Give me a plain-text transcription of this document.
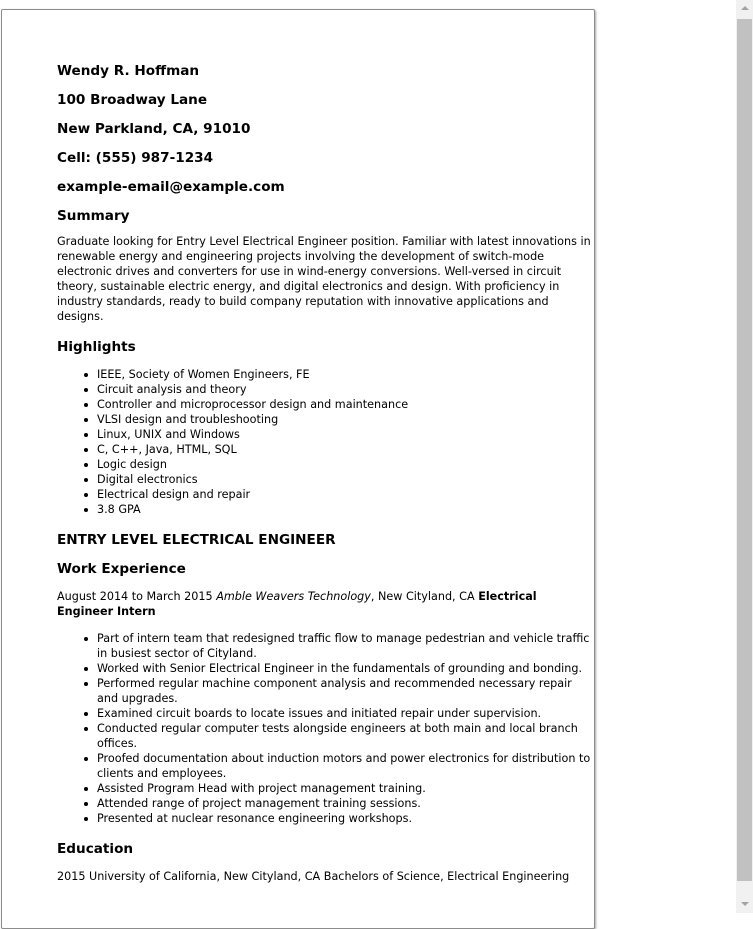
Wendy R. Hoffman
100 Broadway Lane
New Parkland, CA, 91010
Cell: (555) 987-1234
example-email@example.com
Summary

Graduate looking for Entry Level Electrical Engineer position. Familiar with latest innovations in renewable energy and engineering projects involving the development of switch-mode electronic drives and converters for use in wind-energy conversions. Well-versed in circuit theory, sustainable electric energy, and digital electronics and design. With proficiency in industry standards, ready to build company reputation with innovative applications and designs.

Highlights
IEEE, Society of Women Engineers, FE
Circuit analysis and theory
Controller and microprocessor design and maintenance
VLSI design and troubleshooting
Linux, UNIX and Windows
C, C++, Java, HTML, SQL
Logic design
Digital electronics
Electrical design and repair
3.8 GPA
ENTRY LEVEL ELECTRICAL ENGINEER
Work Experience

August 2014 to March 2015 Amble Weavers Technology, New Cityland, CA Electrical Engineer Intern

Part of intern team that redesigned traffic flow to manage pedestrian and vehicle traffic in busiest sector of Cityland.
Worked with Senior Electrical Engineer in the fundamentals of grounding and bonding.
Performed regular machine component analysis and recommended necessary repair and upgrades.
Examined circuit boards to locate issues and initiated repair under supervision.
Conducted regular computer tests alongside engineers at both main and local branch offices.
Proofed documentation about induction motors and power electronics for distribution to clients and employees.
Assisted Program Head with project management training.
Attended range of project management training sessions.
Presented at nuclear resonance engineering workshops.
Education

2015 University of California, New Cityland, CA Bachelors of Science, Electrical Engineering
